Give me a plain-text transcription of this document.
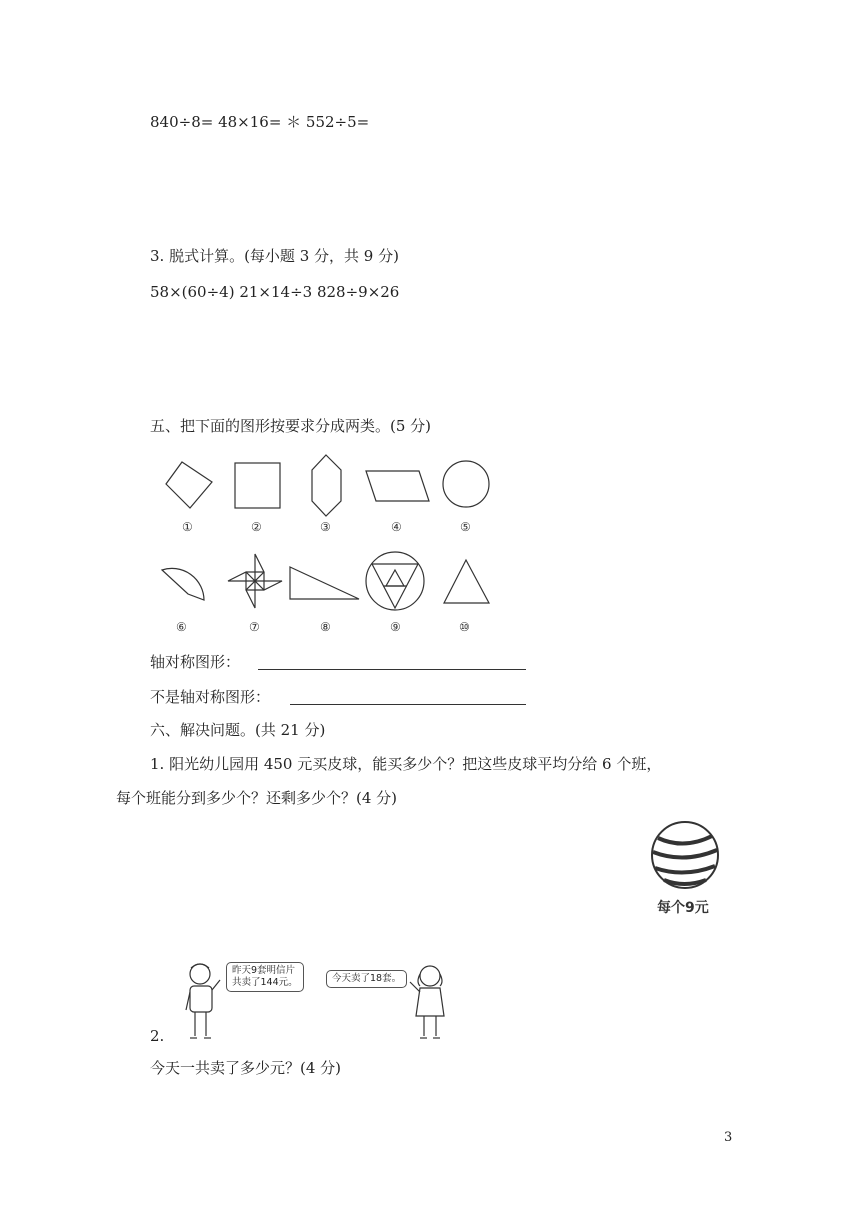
840÷8= 48×16= ＊ 552÷5=
3. 脱式计算。(每小题 3 分，共 9 分)
58×(60÷4) 21×14÷3 828÷9×26
五、把下面的图形按要求分成两类。(5 分)
①	②	③	④	⑤
⑥	⑦	⑧	⑨	⑩
轴对称图形：
不是轴对称图形：
六、解决问题。(共 21 分)
1. 阳光幼儿园用 450 元买皮球，能买多少个？把这些皮球平均分给 6 个班，
每个班能分到多少个？还剩多少个？(4 分)
每个9元
昨天9套明信片
共卖了144元。	今天卖了18套。
2.
今天一共卖了多少元？(4 分)
3
